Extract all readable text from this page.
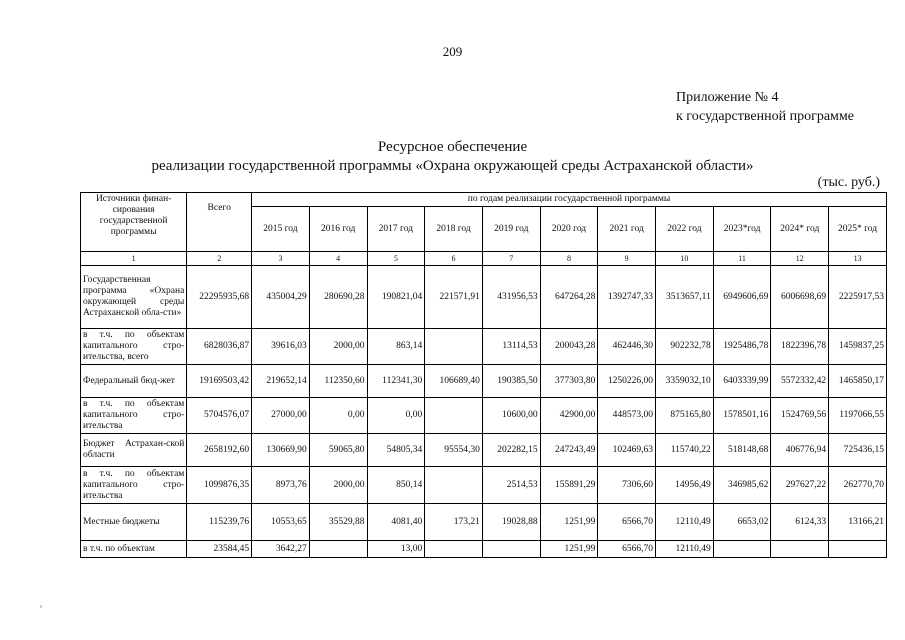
209
Приложение № 4
к государственной программе
Ресурсное обеспечение
реализации государственной программы «Охрана окружающей среды Астраханской области»
(тыс. руб.)
Источники финан-сирования государственной программы	Всего	по годам реализации государственной программы										
		2015 год	2016 год	2017 год	2018 год	2019 год	2020 год	2021 год	2022 год	2023*год	2024* год	2025* год
1	2	3	4	5	6	7	8	9	10	11	12	13
Государственная программа «Охрана окружающей среды Астраханской обла-сти»	22295935,68	435004,29	280690,28	190821,04	221571,91	431956,53	647264,28	1392747,33	3513657,11	6949606,69	6006698,69	2225917,53
в т.ч. по объектам капитального стро-ительства, всего	6828036,87	39616,03	2000,00	863,14		13114,53	200043,28	462446,30	902232,78	1925486,78	1822396,78	1459837,25
Федеральный бюд-жет	19169503,42	219652,14	112350,60	112341,30	106689,40	190385,50	377303,80	1250226,00	3359032,10	6403339,99	5572332,42	1465850,17
в т.ч. по объектам капитального стро-ительства	5704576,07	27000,00	0,00	0,00		10600,00	42900,00	448573,00	875165,80	1578501,16	1524769,56	1197066,55
Бюджет Астрахан-ской области	2658192,60	130669,90	59065,80	54805,34	95554,30	202282,15	247243,49	102469,63	115740,22	518148,68	406776,94	725436,15
в т.ч. по объектам капитального стро-ительства	1099876,35	8973,76	2000,00	850,14		2514,53	155891,29	7306,60	14956,49	346985,62	297627,22	262770,70
Местные бюджеты	115239,76	10553,65	35529,88	4081,40	173,21	19028,88	1251,99	6566,70	12110,49	6653,02	6124,33	13166,21
в т.ч. по объектам	23584,45	3642,27		13,00			1251,99	6566,70	12110,49			
